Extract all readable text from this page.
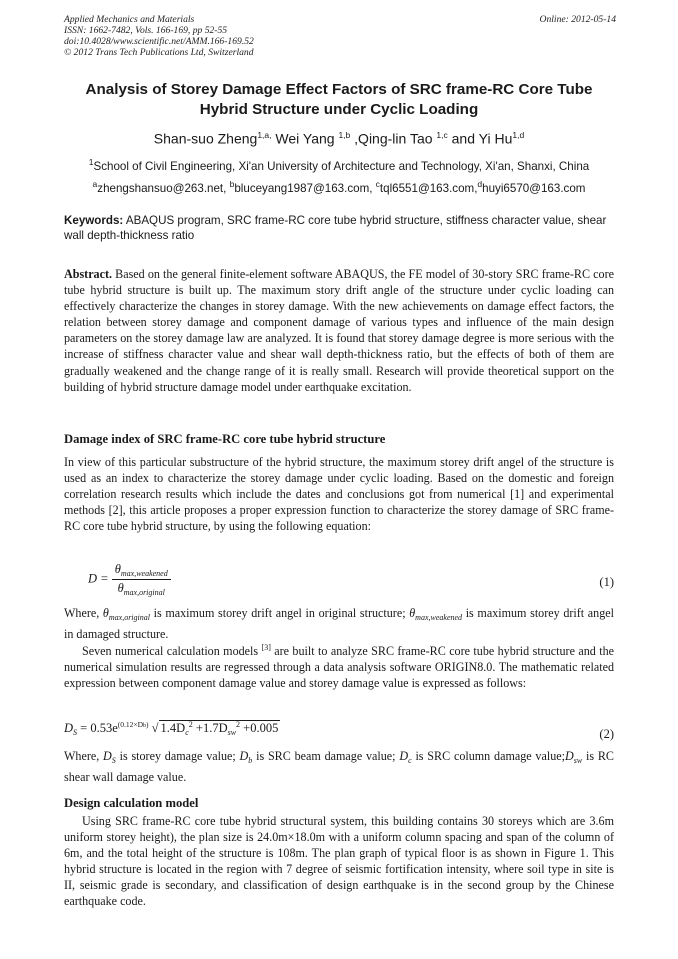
Applied Mechanics and Materials
ISSN: 1662-7482, Vols. 166-169, pp 52-55
doi:10.4028/www.scientific.net/AMM.166-169.52
© 2012 Trans Tech Publications Ltd, Switzerland
Online: 2012-05-14
Analysis of Storey Damage Effect Factors of SRC frame-RC Core Tube
Hybrid Structure under Cyclic Loading
Shan-suo Zheng$^{1,a,}$ Wei Yang $^{1,b}$ ,Qing-lin Tao $^{1,c}$ and Yi Hu$^{1,d}$
$^1$School of Civil Engineering, Xi'an University of Architecture and Technology, Xi'an, Shanxi, China
$^a$zhengshansuo@263.net, $^b$bluceyang1987@163.com, $^c$tql6551@163.com,$^d$huyi6570@163.com
Keywords: ABAQUS program, SRC frame-RC core tube hybrid structure, stiffness character value, shear wall depth-thickness ratio
Abstract. Based on the general finite-element software ABAQUS, the FE model of 30-story SRC frame-RC core tube hybrid structure is built up. The maximum story drift angle of the structure under cyclic loading can effectively characterize the changes in storey damage. With the new achievements on damage effect factors, the relation between storey damage and component damage of various types and influence of the main design parameters on the storey damage law are analyzed. It is found that storey damage degree is more serious with the increase of stiffness character value and shear wall depth-thickness ratio, but the effects of both of them are gradually weakened and the change range of it is really small. Research will provide theoretical support on the building of hybrid structure damage model under earthquake excitation.
Damage index of SRC frame-RC core tube hybrid structure
In view of this particular substructure of the hybrid structure, the maximum storey drift angel of the structure is used as an index to characterize the storey damage under cyclic loading. Based on the domestic and foreign correlation research results which include the dates and conclusions got from numerical [1] and experimental methods [2], this article proposes a proper expression function to characterize the storey damage of SRC frame-RC core tube hybrid structure, by using the following equation:
$D = \frac{\theta_{max,weakened}}{\theta_{max,original}}$	(1)
Where, $\theta_{max,original}$ is maximum storey drift angel in original structure; $\theta_{max,weakened}$ is maximum storey drift angel in damaged structure.
Seven numerical calculation models [3] are built to analyze SRC frame-RC core tube hybrid structure and the numerical simulation results are regressed through a data analysis software ORIGIN8.0. The mathematic related expression between component damage value and storey damage value is expressed as follows:
$D_S = 0.53e^{(0.12\times Db)}$ √ $1.4D_c^2 +1.7D_{sw}^2 +0.005$	(2)
Where, $D_S$ is storey damage value; $D_b$ is SRC beam damage value; $D_c$ is SRC column damage $value;D_{sw}$ is RC shear wall damage value.
Design calculation model
Using SRC frame-RC core tube hybrid structural system, this building contains 30 storeys which are 3.6m uniform storey height), the plan size is 24.0m×18.0m with a uniform column spacing and span of the column of 6m, and the total height of the structure is 108m. The plan graph of typical floor is as shown in Figure 1. This hybrid structure is located in the region with 7 degree of seismic fortification intensity, where soil type in site is II, seismic grade is secondary, and classification of design earthquake is in the second group by the Chinese earthquake code.
